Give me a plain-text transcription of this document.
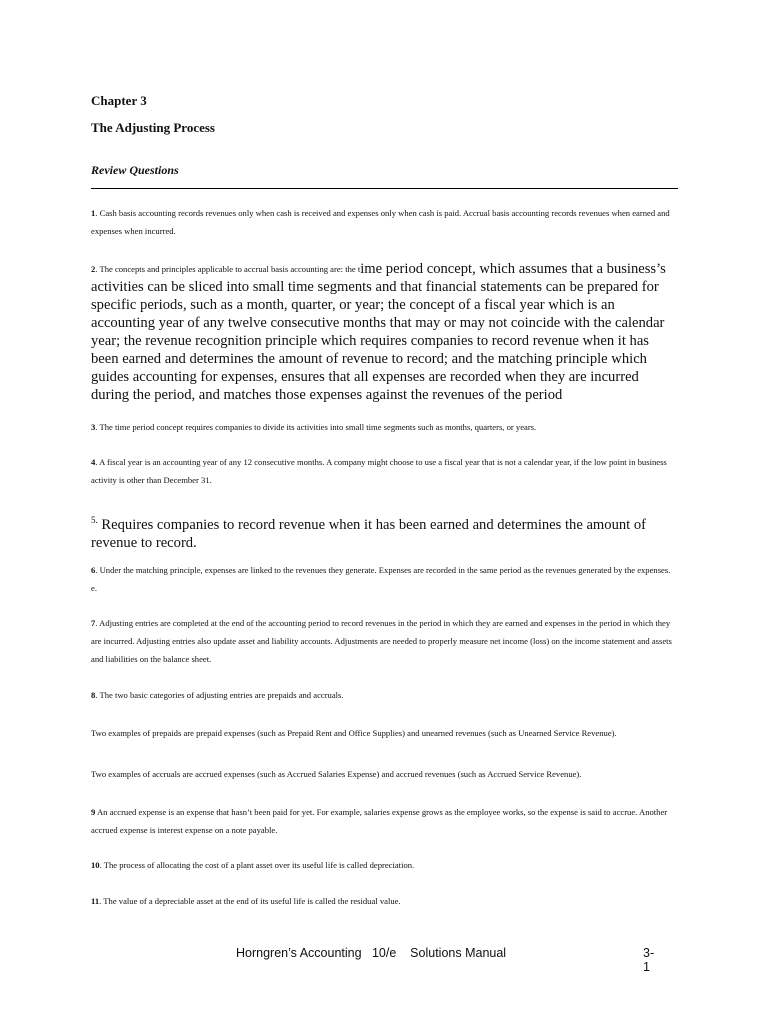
Chapter 3
The Adjusting Process
Review Questions
1. Cash basis accounting records revenues only when cash is received and expenses only when cash is paid. Accrual basis accounting records revenues when earned and expenses when incurred.
$^{2. The concepts and principles applicable to accrual basis accounting are: the t}$ime period concept, which assumes that a business’s activities can be sliced into small time segments and that financial statements can be prepared for specific periods, such as a month, quarter, or year; the concept of a fiscal year which is an accounting year of any twelve consecutive months that may or may not coincide with the calendar year; the revenue recognition principle which requires companies to record revenue when it has been earned and determines the amount of revenue to record; and the matching principle which guides accounting for expenses, ensures that all expenses are recorded when they are incurred during the period, and matches those expenses against the revenues of the period
3. The time period concept requires companies to divide its activities into small time segments such as months, quarters, or years.
4. A fiscal year is an accounting year of any 12 consecutive months. A company might choose to use a fiscal year that is not a calendar year, if the low point in business activity is other than December 31.
$^{5.}$ Requires companies to record revenue when it has been earned and determines the amount of revenue to record.
6. Under the matching principle, expenses are linked to the revenues they generate. Expenses are recorded in the same period as the revenues generated by the expenses. e.
7. Adjusting entries are completed at the end of the accounting period to record revenues in the period in which they are earned and expenses in the period in which they are incurred. Adjusting entries also update asset and liability accounts. Adjustments are needed to properly measure net income (loss) on the income statement and assets and liabilities on the balance sheet.
8. The two basic categories of adjusting entries are prepaids and accruals.
Two examples of prepaids are prepaid expenses (such as Prepaid Rent and Office Supplies) and unearned revenues (such as Unearned Service Revenue).
Two examples of accruals are accrued expenses (such as Accrued Salaries Expense) and accrued revenues (such as Accrued Service Revenue).
9 An accrued expense is an expense that hasn’t been paid for yet. For example, salaries expense grows as the employee works, so the expense is said to accrue. Another accrued expense is interest expense on a note payable.
10. The process of allocating the cost of a plant asset over its useful life is called depreciation.
11. The value of a depreciable asset at the end of its useful life is called the residual value.
Horngren’s Accounting   10/e    Solutions Manual	3-1
